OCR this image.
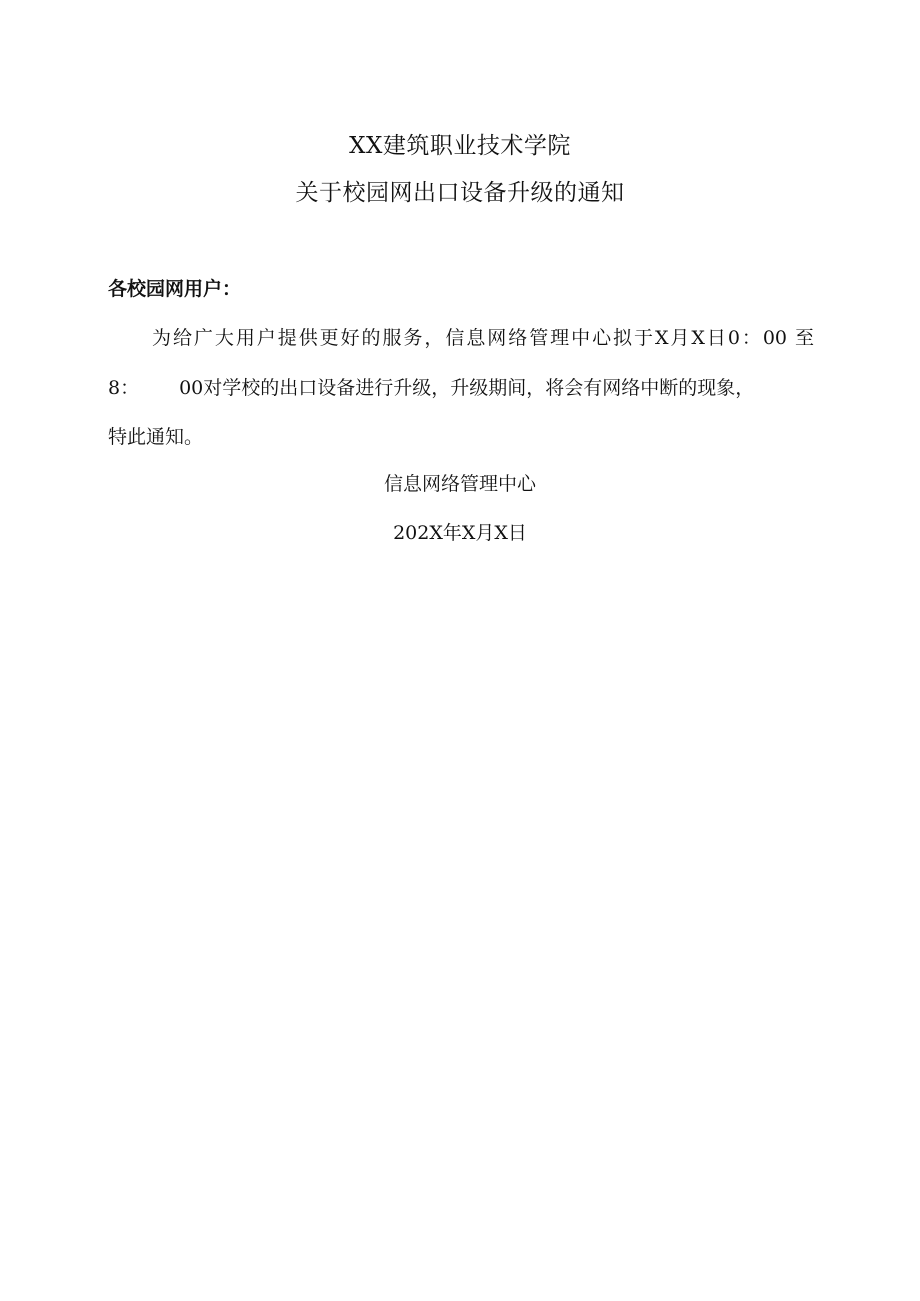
XX建筑职业技术学院
关于校园网出口设备升级的通知
各校园网用户：
为给广大用户提供更好的服务，信息网络管理中心拟于X月X日0：00 至
8： 00对学校的出口设备进行升级，升级期间，将会有网络中断的现象，
特此通知。
信息网络管理中心
202X年X月X日
